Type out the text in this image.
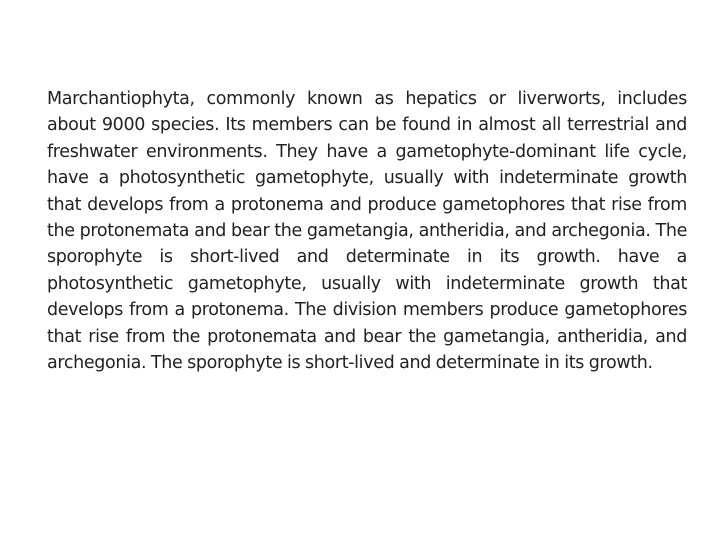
Marchantiophyta, commonly known as hepatics or liverworts, includes about 9000 species. Its members can be found in almost all terrestrial and freshwater environments. They have a gametophyte-dominant life cycle, have a photosynthetic gametophyte, usually with indeterminate growth that develops from a protonema and produce gametophores that rise from the protonemata and bear the gametangia, antheridia, and archegonia. The sporophyte is short-lived and determinate in its growth. have a photosynthetic gametophyte, usually with indeterminate growth that develops from a protonema. The division members produce gametophores that rise from the protonemata and bear the gametangia, antheridia, and archegonia. The sporophyte is short-lived and determinate in its growth.
